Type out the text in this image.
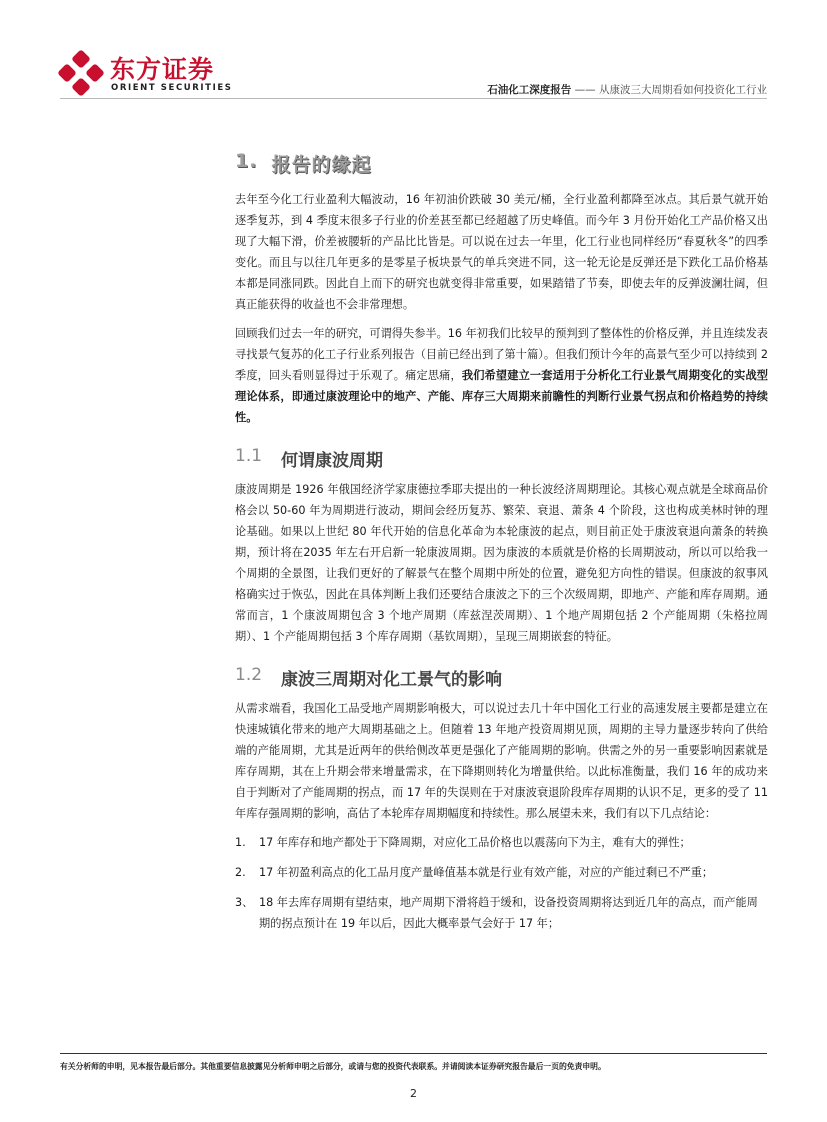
东方证券
ORIENT SECURITIES	石油化工深度报告 —— 从康波三大周期看如何投资化工行业
1. 报告的缘起

去年至今化工行业盈利大幅波动，16 年初油价跌破 30 美元/桶，全行业盈利都降至冰点。其后景气就开始逐季复苏，到 4 季度末很多子行业的价差甚至都已经超越了历史峰值。而今年 3 月份开始化工产品价格又出现了大幅下滑，价差被腰斩的产品比比皆是。可以说在过去一年里，化工行业也同样经历“春夏秋冬”的四季变化。而且与以往几年更多的是零星子板块景气的单兵突进不同，这一轮无论是反弹还是下跌化工品价格基本都是同涨同跌。因此自上而下的研究也就变得非常重要，如果踏错了节奏，即使去年的反弹波澜壮阔，但真正能获得的收益也不会非常理想。

回顾我们过去一年的研究，可谓得失参半。16 年初我们比较早的预判到了整体性的价格反弹，并且连续发表寻找景气复苏的化工子行业系列报告（目前已经出到了第十篇）。但我们预计今年的高景气至少可以持续到 2 季度，回头看则显得过于乐观了。痛定思痛，我们希望建立一套适用于分析化工行业景气周期变化的实战型理论体系，即通过康波理论中的地产、产能、库存三大周期来前瞻性的判断行业景气拐点和价格趋势的持续性。

1.1	何谓康波周期

康波周期是 1926 年俄国经济学家康德拉季耶夫提出的一种长波经济周期理论。其核心观点就是全球商品价格会以 50-60 年为周期进行波动，期间会经历复苏、繁荣、衰退、萧条 4 个阶段，这也构成美林时钟的理论基础。如果以上世纪 80 年代开始的信息化革命为本轮康波的起点，则目前正处于康波衰退向萧条的转换期，预计将在2035 年左右开启新一轮康波周期。因为康波的本质就是价格的长周期波动，所以可以给我一个周期的全景图，让我们更好的了解景气在整个周期中所处的位置，避免犯方向性的错误。但康波的叙事风格确实过于恢弘，因此在具体判断上我们还要结合康波之下的三个次级周期，即地产、产能和库存周期。通常而言，1 个康波周期包含 3 个地产周期（库兹涅茨周期）、1 个地产周期包括 2 个产能周期（朱格拉周期）、1 个产能周期包括 3 个库存周期（基钦周期），呈现三周期嵌套的特征。

1.2	康波三周期对化工景气的影响

从需求端看，我国化工品受地产周期影响极大，可以说过去几十年中国化工行业的高速发展主要都是建立在快速城镇化带来的地产大周期基础之上。但随着 13 年地产投资周期见顶，周期的主导力量逐步转向了供给端的产能周期，尤其是近两年的供给侧改革更是强化了产能周期的影响。供需之外的另一重要影响因素就是库存周期，其在上升期会带来增量需求，在下降期则转化为增量供给。以此标准衡量，我们 16 年的成功来自于判断对了产能周期的拐点，而 17 年的失误则在于对康波衰退阶段库存周期的认识不足，更多的受了 11 年库存强周期的影响，高估了本轮库存周期幅度和持续性。那么展望未来，我们有以下几点结论：

1.	17 年库存和地产都处于下降周期，对应化工品价格也以震荡向下为主，难有大的弹性；
2.	17 年初盈利高点的化工品月度产量峰值基本就是行业有效产能，对应的产能过剩已不严重；
3、 18 年去库存周期有望结束，地产周期下滑将趋于缓和，设备投资周期将达到近几年的高点，而产能周期的拐点预计在 19 年以后，因此大概率景气会好于 17 年；
有关分析师的申明，见本报告最后部分。其他重要信息披露见分析师申明之后部分，或请与您的投资代表联系。并请阅读本证券研究报告最后一页的免责申明。
2
